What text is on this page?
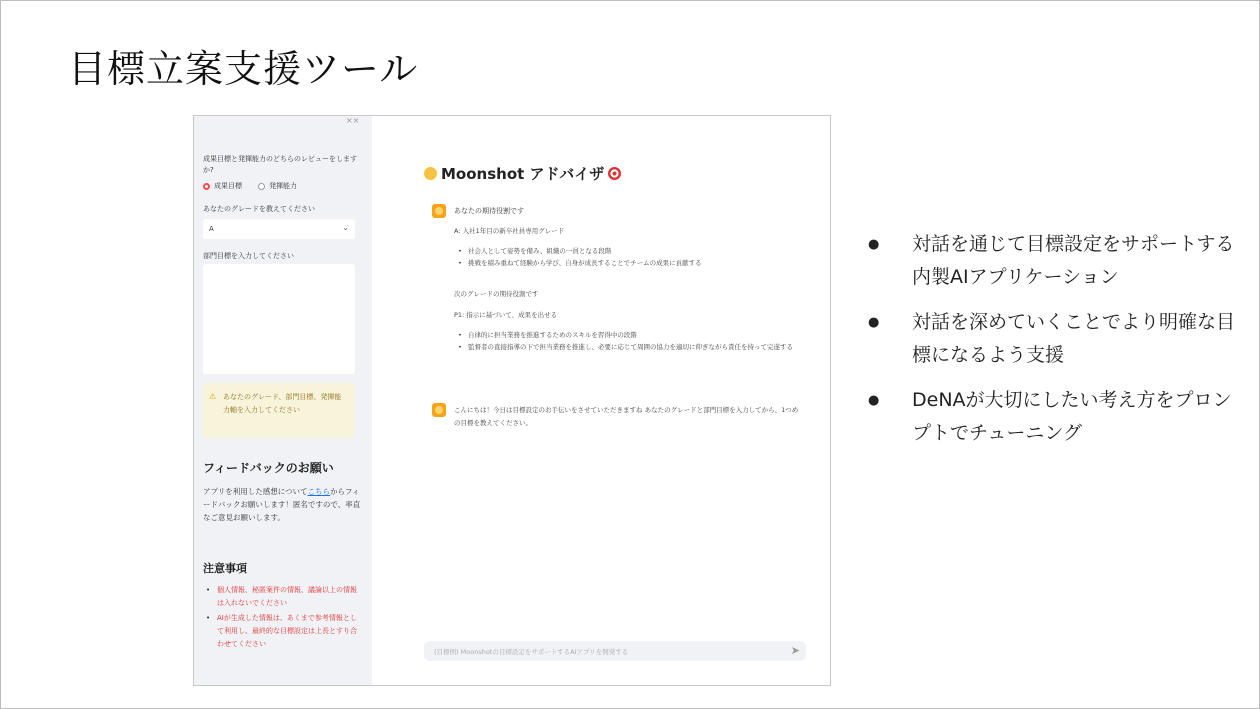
目標立案支援ツール
××
成果目標と発揮能力のどちらのレビューをしますか?
成果目標	発揮能力
あなたのグレードを教えてください
A	⌄
部門目標を入力してください
⚠ あなたのグレード、部門目標、発揮能力軸を入力してください
フィードバックのお願い
アプリを利用した感想についてこちらからフィードバックお願いします！匿名ですので、率直なご意見お願いします。
注意事項
• 個人情報、秘匿案件の情報、議論以上の情報は入れないでください
• AIが生成した情報は、あくまで参考情報として利用し、最終的な目標設定は上長とすり合わせてください
Moonshot アドバイザ
あなたの期待役割です
A: 入社1年目の新卒社員専用グレード
• 社会人として姿勢を備み、組織の一員となる段階
• 挑戦を積み重ねて経験から学び、自身が成長することでチームの成果に貢献する
次のグレードの期待役割です
P1: 指示に基づいて、成果を出せる
• 自律的に担当業務を推進するためのスキルを習得中の段階
• 監督者の直接指導の下で担当業務を推進し、必要に応じて周囲の協力を適切に仰ぎながら責任を持って完遂する
こんにちは！今日は目標設定のお手伝いをさせていただきますね あなたのグレードと部門目標を入力してから、1つめの目標を教えてください。
(目標例) Moonshotの目標設定をサポートするAIアプリを開発する	➤
● 対話を通じて目標設定をサポートする内製AIアプリケーション
● 対話を深めていくことでより明確な目標になるよう支援
● DeNAが大切にしたい考え方をプロンプトでチューニング
